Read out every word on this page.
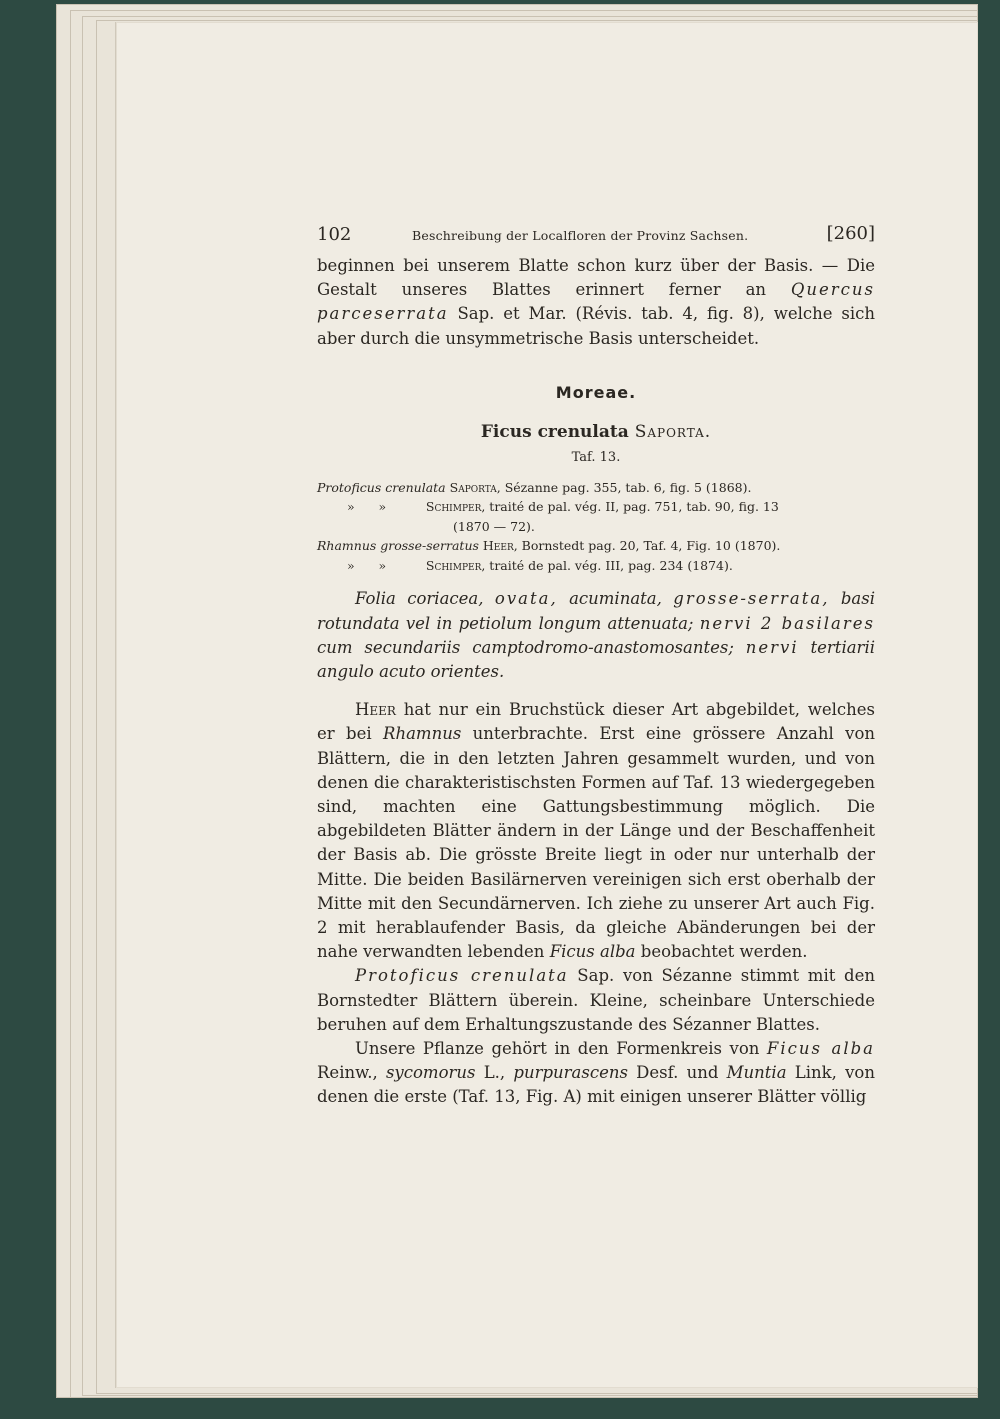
102	Beschreibung der Localfloren der Provinz Sachsen.	[260]

beginnen bei unserem Blatte schon kurz über der Basis. — Die Gestalt unseres Blattes erinnert ferner an Quercus parceserrata Sap. et Mar. (Révis. tab. 4, fig. 8), welche sich aber durch die unsymmetrische Basis unterscheidet.

Moreae.
Ficus crenulata Saporta.
Taf. 13.
Protoficus crenulata Saporta, Sézanne pag. 355, tab. 6, fig. 5 (1868).
»      »	Schimper, traité de pal. vég. II, pag. 751, tab. 90, fig. 13
(1870 — 72).
Rhamnus grosse-serratus Heer, Bornstedt pag. 20, Taf. 4, Fig. 10 (1870).
»      »	Schimper, traité de pal. vég. III, pag. 234 (1874).

Folia coriacea, ovata, acuminata, grosse-serrata, basi rotundata vel in petiolum longum attenuata; nervi 2 basilares cum secundariis camptodromo-anastomosantes; nervi tertiarii angulo acuto orientes.

Heer hat nur ein Bruchstück dieser Art abgebildet, welches er bei Rhamnus unterbrachte. Erst eine grössere Anzahl von Blättern, die in den letzten Jahren gesammelt wurden, und von denen die charakteristischsten Formen auf Taf. 13 wiedergegeben sind, machten eine Gattungsbestimmung möglich. Die abgebildeten Blätter ändern in der Länge und der Beschaffenheit der Basis ab. Die grösste Breite liegt in oder nur unterhalb der Mitte. Die beiden Basilärnerven vereinigen sich erst oberhalb der Mitte mit den Secundärnerven. Ich ziehe zu unserer Art auch Fig. 2 mit herablaufender Basis, da gleiche Abänderungen bei der nahe verwandten lebenden Ficus alba beobachtet werden.

Protoficus crenulata Sap. von Sézanne stimmt mit den Bornstedter Blättern überein. Kleine, scheinbare Unterschiede beruhen auf dem Erhaltungszustande des Sézanner Blattes.

Unsere Pflanze gehört in den Formenkreis von Ficus alba Reinw., sycomorus L., purpurascens Desf. und Muntia Link, von denen die erste (Taf. 13, Fig. A) mit einigen unserer Blätter völlig
